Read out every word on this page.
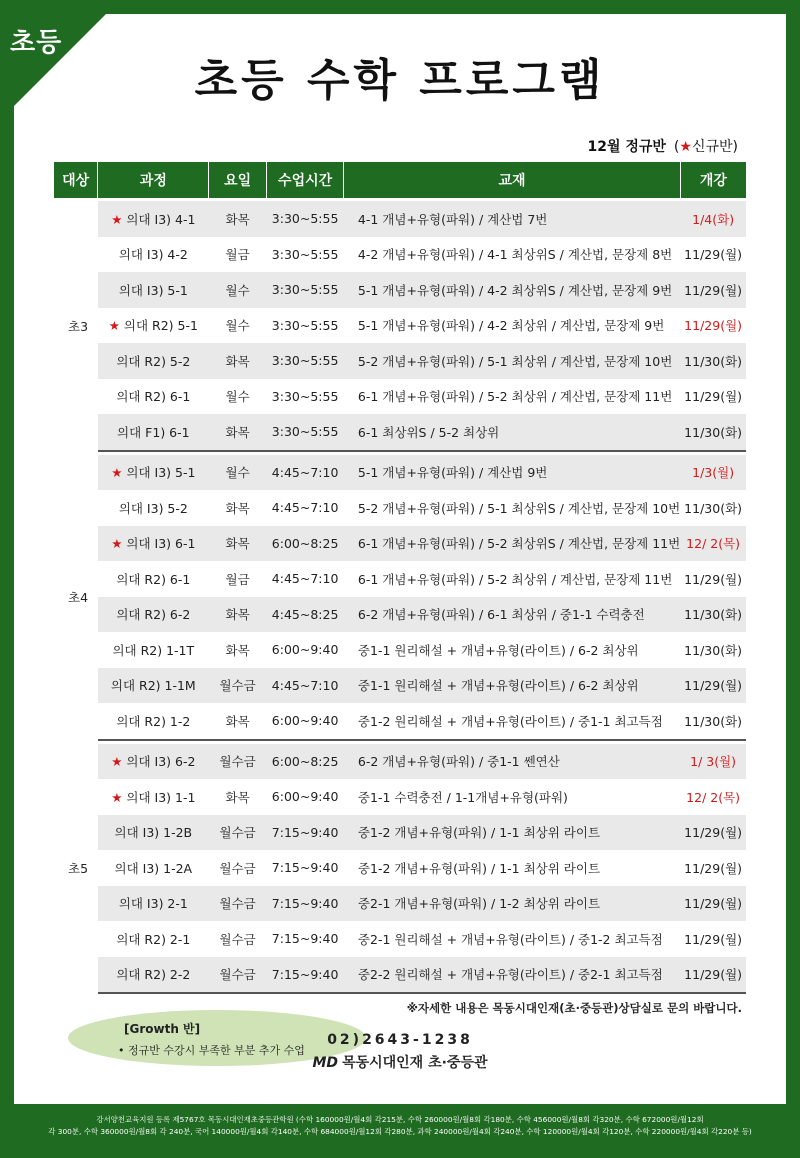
초등
초등 수학 프로그램
12월 정규반 (★신규반)
대상	과정	요일	수업시간	교재	개강

초3	★ 의대 I3) 4-1	화목	3:30~5:55	4-1 개념+유형(파워) / 계산법 7번	1/4(화)
	의대 I3) 4-2	월금	3:30~5:55	4-2 개념+유형(파워) / 4-1 최상위S / 계산법, 문장제 8번	11/29(월)
	의대 I3) 5-1	월수	3:30~5:55	5-1 개념+유형(파워) / 4-2 최상위S / 계산법, 문장제 9번	11/29(월)
	★ 의대 R2) 5-1	월수	3:30~5:55	5-1 개념+유형(파워) / 4-2 최상위 / 계산법, 문장제 9번	11/29(월)
	의대 R2) 5-2	화목	3:30~5:55	5-2 개념+유형(파워) / 5-1 최상위 / 계산법, 문장제 10번	11/30(화)
	의대 R2) 6-1	월수	3:30~5:55	6-1 개념+유형(파워) / 5-2 최상위 / 계산법, 문장제 11번	11/29(월)
	의대 F1) 6-1	화목	3:30~5:55	6-1 최상위S / 5-2 최상위	11/30(화)

초4	★ 의대 I3) 5-1	월수	4:45~7:10	5-1 개념+유형(파워) / 계산법 9번	1/3(월)
	의대 I3) 5-2	화목	4:45~7:10	5-2 개념+유형(파워) / 5-1 최상위S / 계산법, 문장제 10번	11/30(화)
	★ 의대 I3) 6-1	화목	6:00~8:25	6-1 개념+유형(파워) / 5-2 최상위S / 계산법, 문장제 11번	12/ 2(목)
	의대 R2) 6-1	월금	4:45~7:10	6-1 개념+유형(파워) / 5-2 최상위 / 계산법, 문장제 11번	11/29(월)
	의대 R2) 6-2	화목	4:45~8:25	6-2 개념+유형(파워) / 6-1 최상위 / 중1-1 수력충전	11/30(화)
	의대 R2) 1-1T	화목	6:00~9:40	중1-1 원리해설 + 개념+유형(라이트) / 6-2 최상위	11/30(화)
	의대 R2) 1-1M	월수금	4:45~7:10	중1-1 원리해설 + 개념+유형(라이트) / 6-2 최상위	11/29(월)
	의대 R2) 1-2	화목	6:00~9:40	중1-2 원리해설 + 개념+유형(라이트) / 중1-1 최고득점	11/30(화)

초5	★ 의대 I3) 6-2	월수금	6:00~8:25	6-2 개념+유형(파워) / 중1-1 쎈연산	1/ 3(월)
	★ 의대 I3) 1-1	화목	6:00~9:40	중1-1 수력충전 / 1-1개념+유형(파워)	12/ 2(목)
	의대 I3) 1-2B	월수금	7:15~9:40	중1-2 개념+유형(파워) / 1-1 최상위 라이트	11/29(월)
	의대 I3) 1-2A	월수금	7:15~9:40	중1-2 개념+유형(파워) / 1-1 최상위 라이트	11/29(월)
	의대 I3) 2-1	월수금	7:15~9:40	중2-1 개념+유형(파워) / 1-2 최상위 라이트	11/29(월)
	의대 R2) 2-1	월수금	7:15~9:40	중2-1 원리해설 + 개념+유형(라이트) / 중1-2 최고득점	11/29(월)
	의대 R2) 2-2	월수금	7:15~9:40	중2-2 원리해설 + 개념+유형(라이트) / 중2-1 최고득점	11/29(월)
※자세한 내용은 목동시대인재(초·중등관)상담실로 문의 바랍니다.
[Growth 반]
• 정규반 수강시 부족한 부분 추가 수업
02)2643-1238
MD 목동시대인재 초·중등관
강서양천교육지원 등록 제5767호 목동시대인재초중등관학원 (수학 160000원/월4회 각215분, 수학 260000원/월8회 각180분, 수학 456000원/월8회 각320분, 수학 672000원/월12회
각 300분, 수학 360000원/월8회 각 240분, 국어 140000원/월4회 각140분, 수학 684000원/월12회 각280분, 과학 240000원/월4회 각240분, 수학 120000원/월4회 각120분, 수학 220000원/월4회 각220분 등)
